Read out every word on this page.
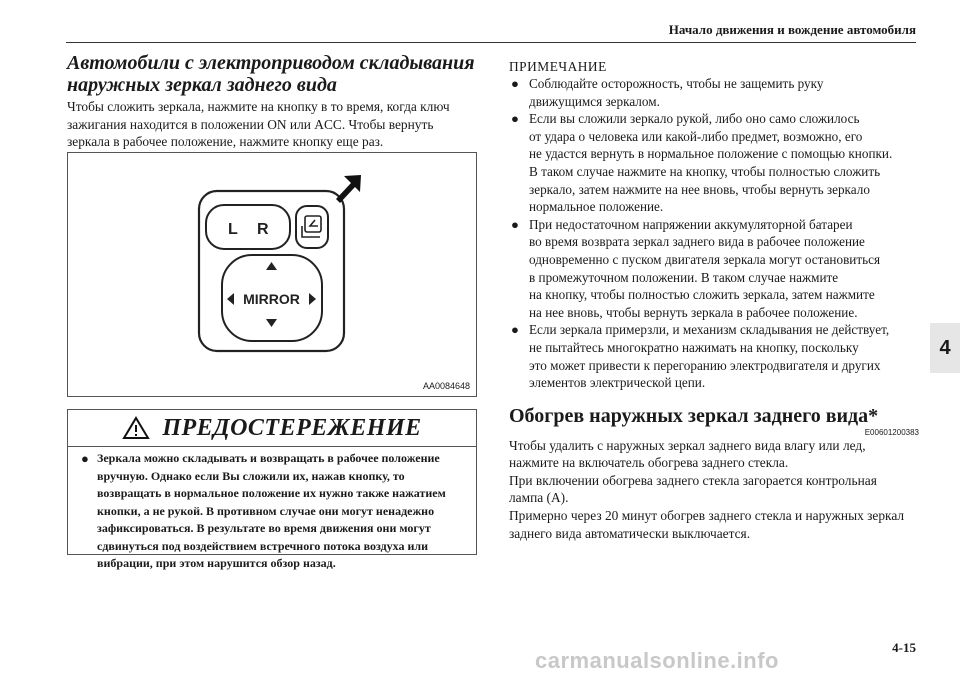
Начало движения и вождение автомобиля
4
Автомобили с электроприводом складывания
наружных зеркал заднего вида

Чтобы сложить зеркала, нажмите на кнопку в то время, когда ключ
зажигания находится в положении ON или ACC. Чтобы вернуть
зеркала в рабочее положение, нажмите кнопку еще раз.

L R
MIRROR
AA0084648
ПРЕДОСТЕРЕЖЕНИЕ
● Зеркала можно складывать и возвращать в рабочее положение
вручную. Однако если Вы сложили их, нажав кнопку, то
возвращать в нормальное положение их нужно также нажатием
кнопки, а не рукой. В противном случае они могут ненадежно
зафиксироваться. В результате во время движения они могут
сдвинуться под воздействием встречного потока воздуха или
вибрации, при этом нарушится обзор назад.
ПРИМЕЧАНИЕ
● Соблюдайте осторожность, чтобы не защемить руку
движущимся зеркалом.
● Если вы сложили зеркало рукой, либо оно само сложилось
от удара о человека или какой-либо предмет, возможно, его
не удастся вернуть в нормальное положение с помощью кнопки.
В таком случае нажмите на кнопку, чтобы полностью сложить
зеркало, затем нажмите на нее вновь, чтобы вернуть зеркало
нормальное положение.
● При недостаточном напряжении аккумуляторной батареи
во время возврата зеркал заднего вида в рабочее положение
одновременно с пуском двигателя зеркала могут остановиться
в промежуточном положении. В таком случае нажмите
на кнопку, чтобы полностью сложить зеркала, затем нажмите
на нее вновь, чтобы вернуть зеркала в рабочее положение.
● Если зеркала примерзли, и механизм складывания не действует,
не пытайтесь многократно нажимать на кнопку, поскольку
это может привести к перегоранию электродвигателя и других
элементов электрической цепи.
Обогрев наружных зеркал заднего вида*
E00601200383

Чтобы удалить с наружных зеркал заднего вида влагу или лед,
нажмите на включатель обогрева заднего стекла.
При включении обогрева заднего стекла загорается контрольная
лампа (A).
Примерно через 20 минут обогрев заднего стекла и наружных зеркал
заднего вида автоматически выключается.

4-15
carmanualsonline.info
